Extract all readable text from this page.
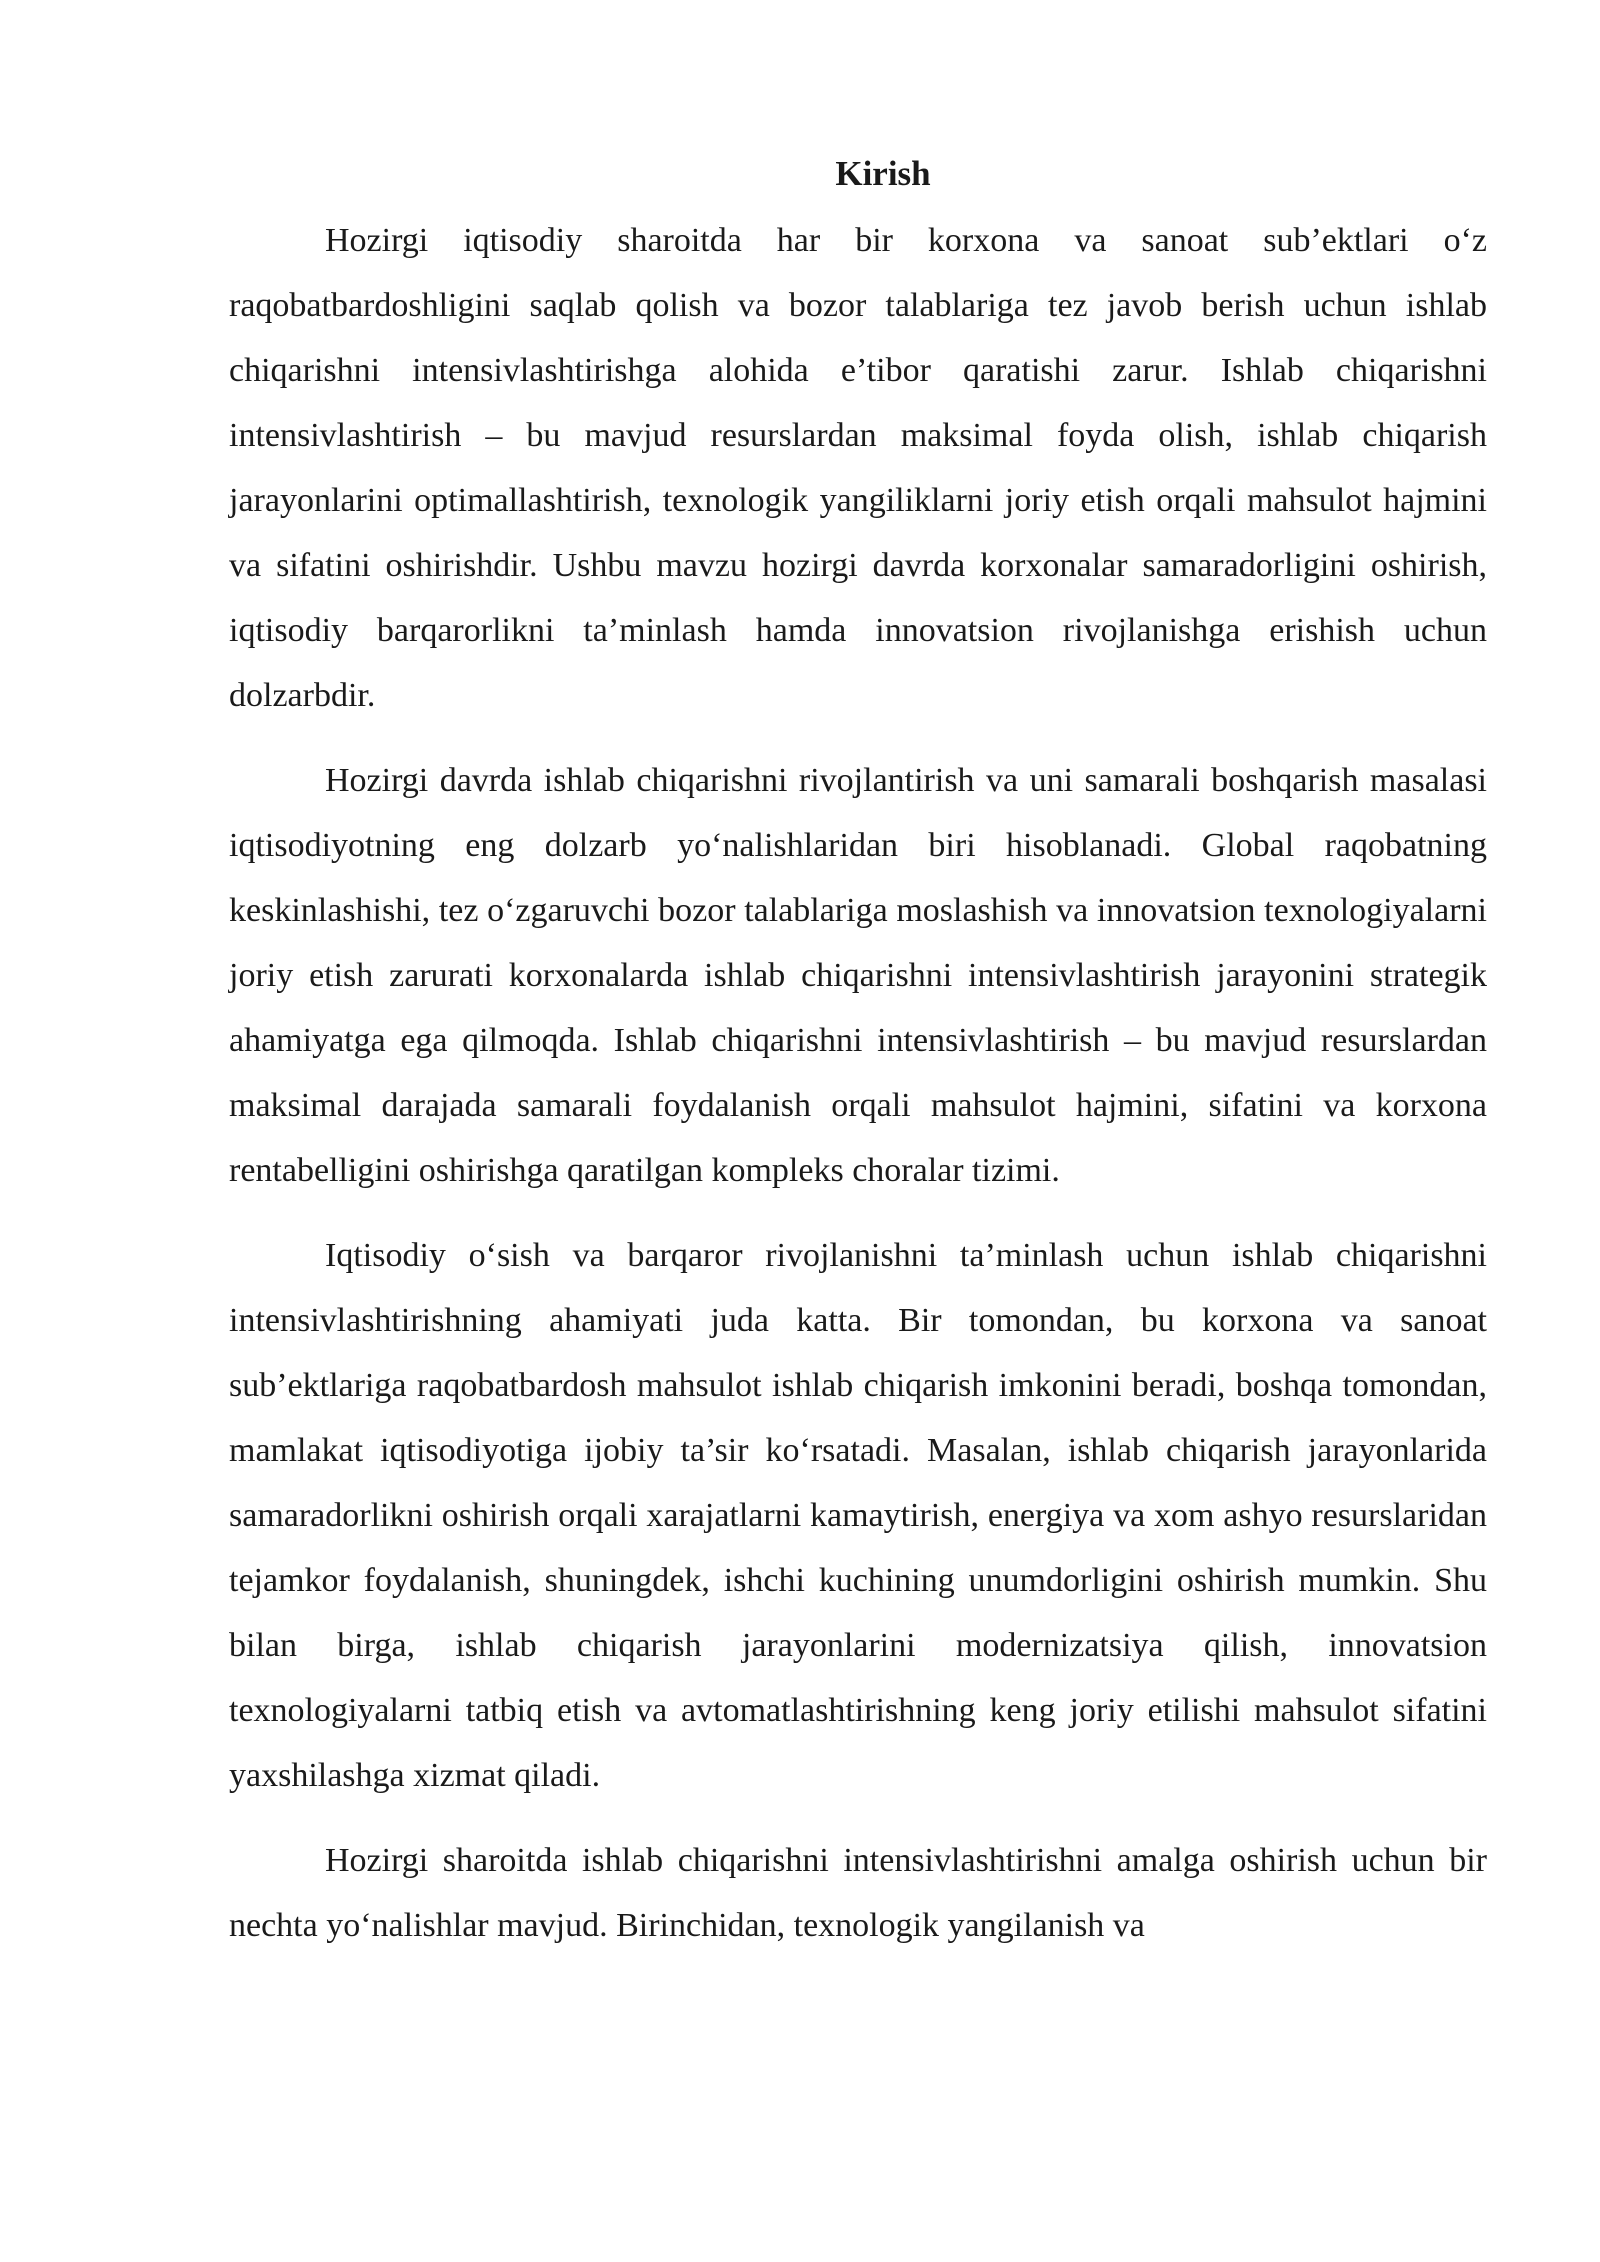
Kirish

Hozirgi iqtisodiy sharoitda har bir korxona va sanoat sub’ektlari o‘z raqobatbardoshligini saqlab qolish va bozor talablariga tez javob berish uchun ishlab chiqarishni intensivlashtirishga alohida e’tibor qaratishi zarur. Ishlab chiqarishni intensivlashtirish – bu mavjud resurslardan maksimal foyda olish, ishlab chiqarish jarayonlarini optimallashtirish, texnologik yangiliklarni joriy etish orqali mahsulot hajmini va sifatini oshirishdir. Ushbu mavzu hozirgi davrda korxonalar samaradorligini oshirish, iqtisodiy barqarorlikni ta’minlash hamda innovatsion rivojlanishga erishish uchun dolzarbdir.

Hozirgi davrda ishlab chiqarishni rivojlantirish va uni samarali boshqarish masalasi iqtisodiyotning eng dolzarb yo‘nalishlaridan biri hisoblanadi. Global raqobatning keskinlashishi, tez o‘zgaruvchi bozor talablariga moslashish va innovatsion texnologiyalarni joriy etish zarurati korxonalarda ishlab chiqarishni intensivlashtirish jarayonini strategik ahamiyatga ega qilmoqda. Ishlab chiqarishni intensivlashtirish – bu mavjud resurslardan maksimal darajada samarali foydalanish orqali mahsulot hajmini, sifatini va korxona rentabelligini oshirishga qaratilgan kompleks choralar tizimi.

Iqtisodiy o‘sish va barqaror rivojlanishni ta’minlash uchun ishlab chiqarishni intensivlashtirishning ahamiyati juda katta. Bir tomondan, bu korxona va sanoat sub’ektlariga raqobatbardosh mahsulot ishlab chiqarish imkonini beradi, boshqa tomondan, mamlakat iqtisodiyotiga ijobiy ta’sir ko‘rsatadi. Masalan, ishlab chiqarish jarayonlarida samaradorlikni oshirish orqali xarajatlarni kamaytirish, energiya va xom ashyo resurslaridan tejamkor foydalanish, shuningdek, ishchi kuchining unumdorligini oshirish mumkin. Shu bilan birga, ishlab chiqarish jarayonlarini modernizatsiya qilish, innovatsion texnologiyalarni tatbiq etish va avtomatlashtirishning keng joriy etilishi mahsulot sifatini yaxshilashga xizmat qiladi.

Hozirgi sharoitda ishlab chiqarishni intensivlashtirishni amalga oshirish uchun bir nechta yo‘nalishlar mavjud. Birinchidan, texnologik yangilanish va
